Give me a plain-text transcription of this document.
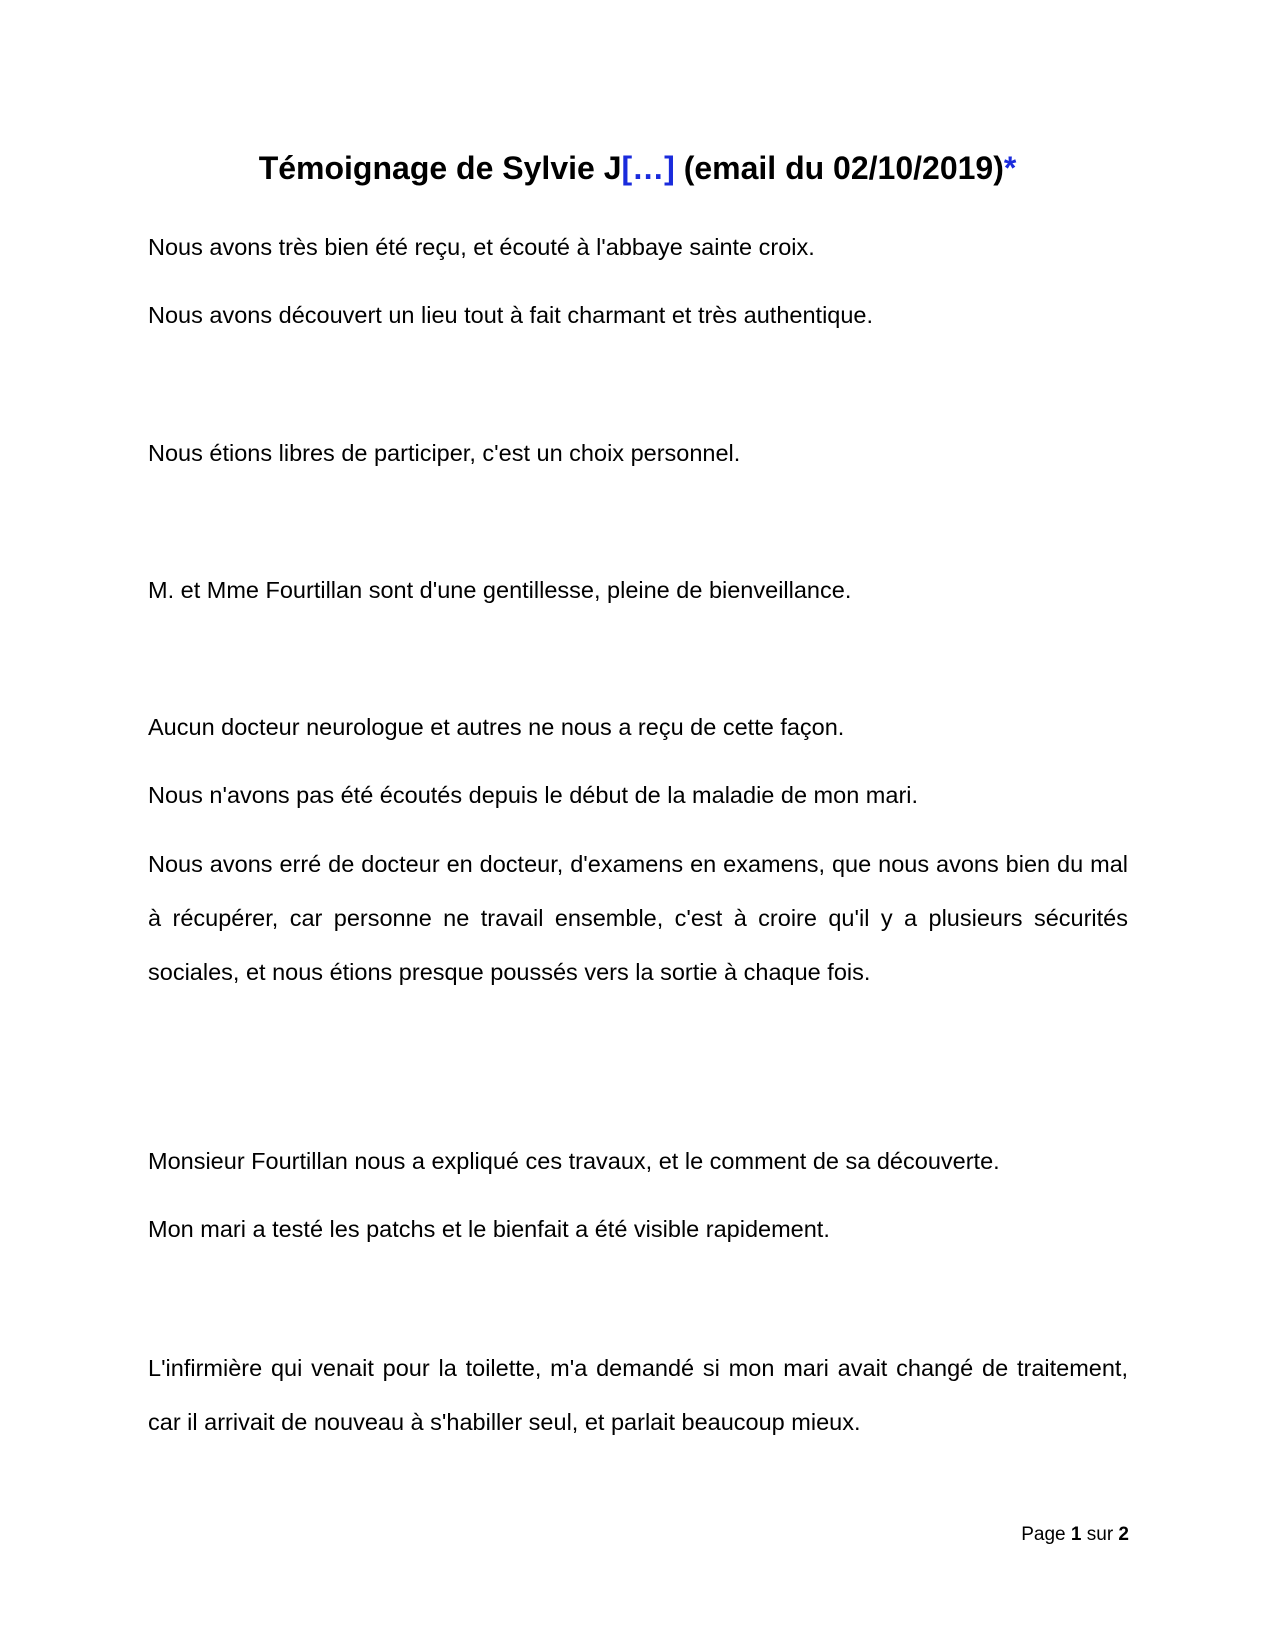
Témoignage de Sylvie J[…] (email du 02/10/2019)*

Nous avons très bien été reçu, et écouté à l'abbaye sainte croix.

Nous avons découvert un lieu tout à fait charmant et très authentique.

Nous étions libres de participer, c'est un choix personnel.

M. et Mme Fourtillan sont d'une gentillesse, pleine de bienveillance.

Aucun docteur neurologue et autres ne nous a reçu de cette façon.

Nous n'avons pas été écoutés depuis le début de la maladie de mon mari.

Nous avons erré de docteur en docteur, d'examens en examens, que nous avons bien du mal à récupérer, car personne ne travail ensemble, c'est à croire qu'il y a plusieurs sécurités sociales, et nous étions presque poussés vers la sortie à chaque fois.

Monsieur Fourtillan nous a expliqué ces travaux, et le comment de sa découverte.

Mon mari a testé les patchs et le bienfait a été visible rapidement.

L'infirmière qui venait pour la toilette, m'a demandé si mon mari avait changé de traitement, car il arrivait de nouveau à s'habiller seul, et parlait beaucoup mieux.

Page 1 sur 2
